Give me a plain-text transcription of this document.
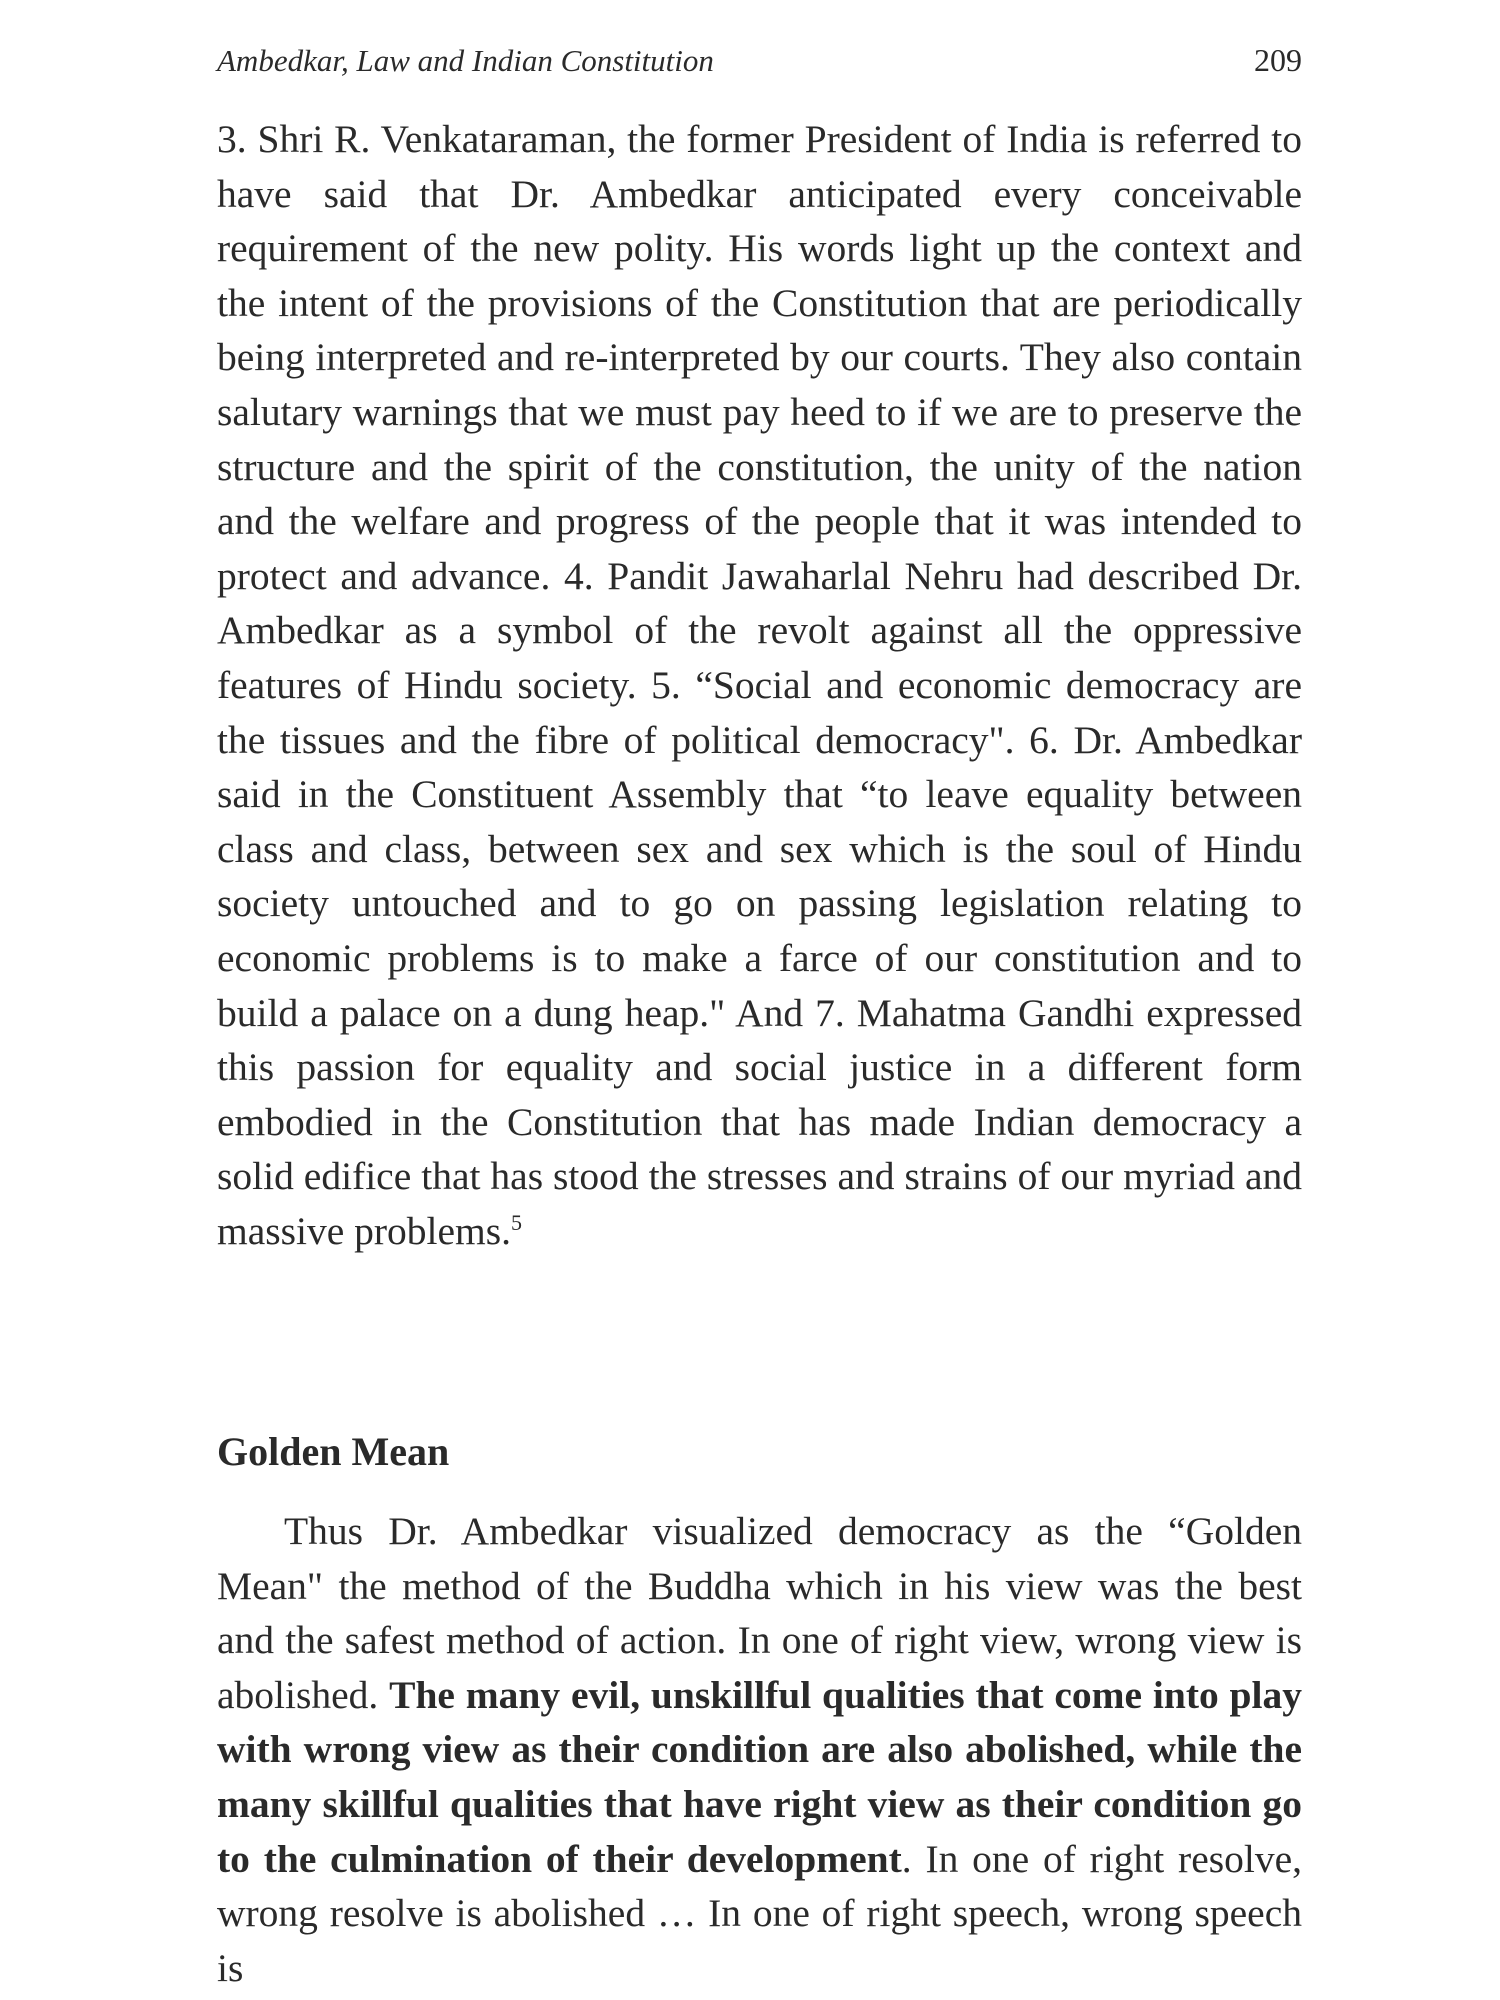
Ambedkar, Law and Indian Constitution	209

3. Shri R. Venkataraman, the former President of India is referred to have said that Dr. Ambedkar anticipated every conceivable requirement of the new polity. His words light up the context and the intent of the provisions of the Constitution that are periodically being interpreted and re-interpreted by our courts. They also contain salutary warnings that we must pay heed to if we are to preserve the structure and the spirit of the constitution, the unity of the nation and the welfare and progress of the people that it was intended to protect and advance. 4. Pandit Jawaharlal Nehru had described Dr. Ambedkar as a symbol of the revolt against all the oppressive features of Hindu society. 5. “Social and economic democracy are the tissues and the fibre of political democracy". 6. Dr. Ambedkar said in the Constituent Assembly that “to leave equality between class and class, between sex and sex which is the soul of Hindu society untouched and to go on passing legislation relating to economic problems is to make a farce of our constitution and to build a palace on a dung heap." And 7. Mahatma Gandhi expressed this passion for equality and social justice in a different form embodied in the Constitution that has made Indian democracy a solid edifice that has stood the stresses and strains of our myriad and massive problems.$^5$

Golden Mean

Thus Dr. Ambedkar visualized democracy as the “Golden Mean" the method of the Buddha which in his view was the best and the safest method of action. In one of right view, wrong view is abolished. The many evil, unskillful qualities that come into play with wrong view as their condition are also abolished, while the many skillful qualities that have right view as their condition go to the culmination of their development. In one of right resolve, wrong resolve is abolished … In one of right speech, wrong speech is
